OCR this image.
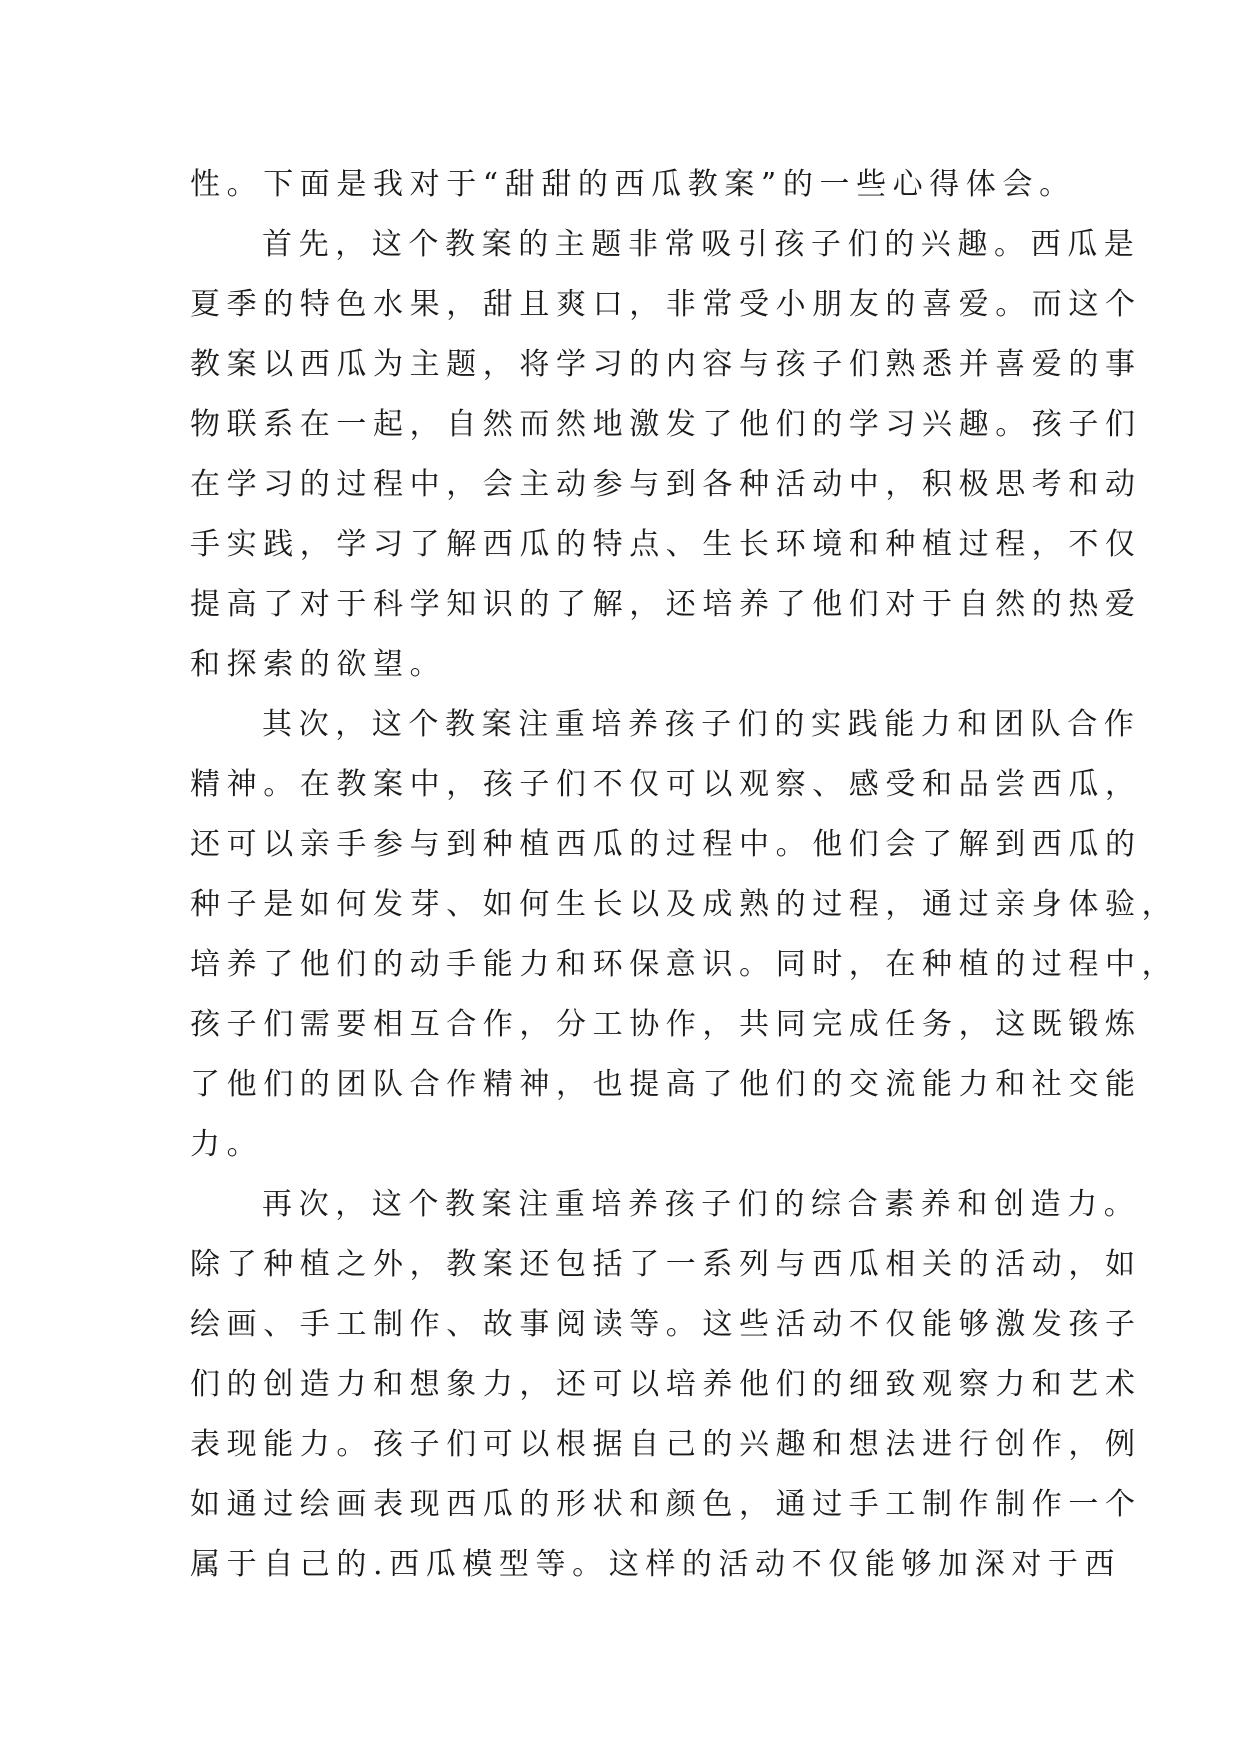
性。下面是我对于“甜甜的西瓜教案”的一些心得体会。
首先，这个教案的主题非常吸引孩子们的兴趣。西瓜是
夏季的特色水果，甜且爽口，非常受小朋友的喜爱。而这个
教案以西瓜为主题，将学习的内容与孩子们熟悉并喜爱的事
物联系在一起，自然而然地激发了他们的学习兴趣。孩子们
在学习的过程中，会主动参与到各种活动中，积极思考和动
手实践，学习了解西瓜的特点、生长环境和种植过程，不仅
提高了对于科学知识的了解，还培养了他们对于自然的热爱
和探索的欲望。
其次，这个教案注重培养孩子们的实践能力和团队合作
精神。在教案中，孩子们不仅可以观察、感受和品尝西瓜，
还可以亲手参与到种植西瓜的过程中。他们会了解到西瓜的
种子是如何发芽、如何生长以及成熟的过程，通过亲身体验，
培养了他们的动手能力和环保意识。同时，在种植的过程中，
孩子们需要相互合作，分工协作，共同完成任务，这既锻炼
了他们的团队合作精神，也提高了他们的交流能力和社交能
力。
再次，这个教案注重培养孩子们的综合素养和创造力。
除了种植之外，教案还包括了一系列与西瓜相关的活动，如
绘画、手工制作、故事阅读等。这些活动不仅能够激发孩子
们的创造力和想象力，还可以培养他们的细致观察力和艺术
表现能力。孩子们可以根据自己的兴趣和想法进行创作，例
如通过绘画表现西瓜的形状和颜色，通过手工制作制作一个
属于自己的.西瓜模型等。这样的活动不仅能够加深对于西
